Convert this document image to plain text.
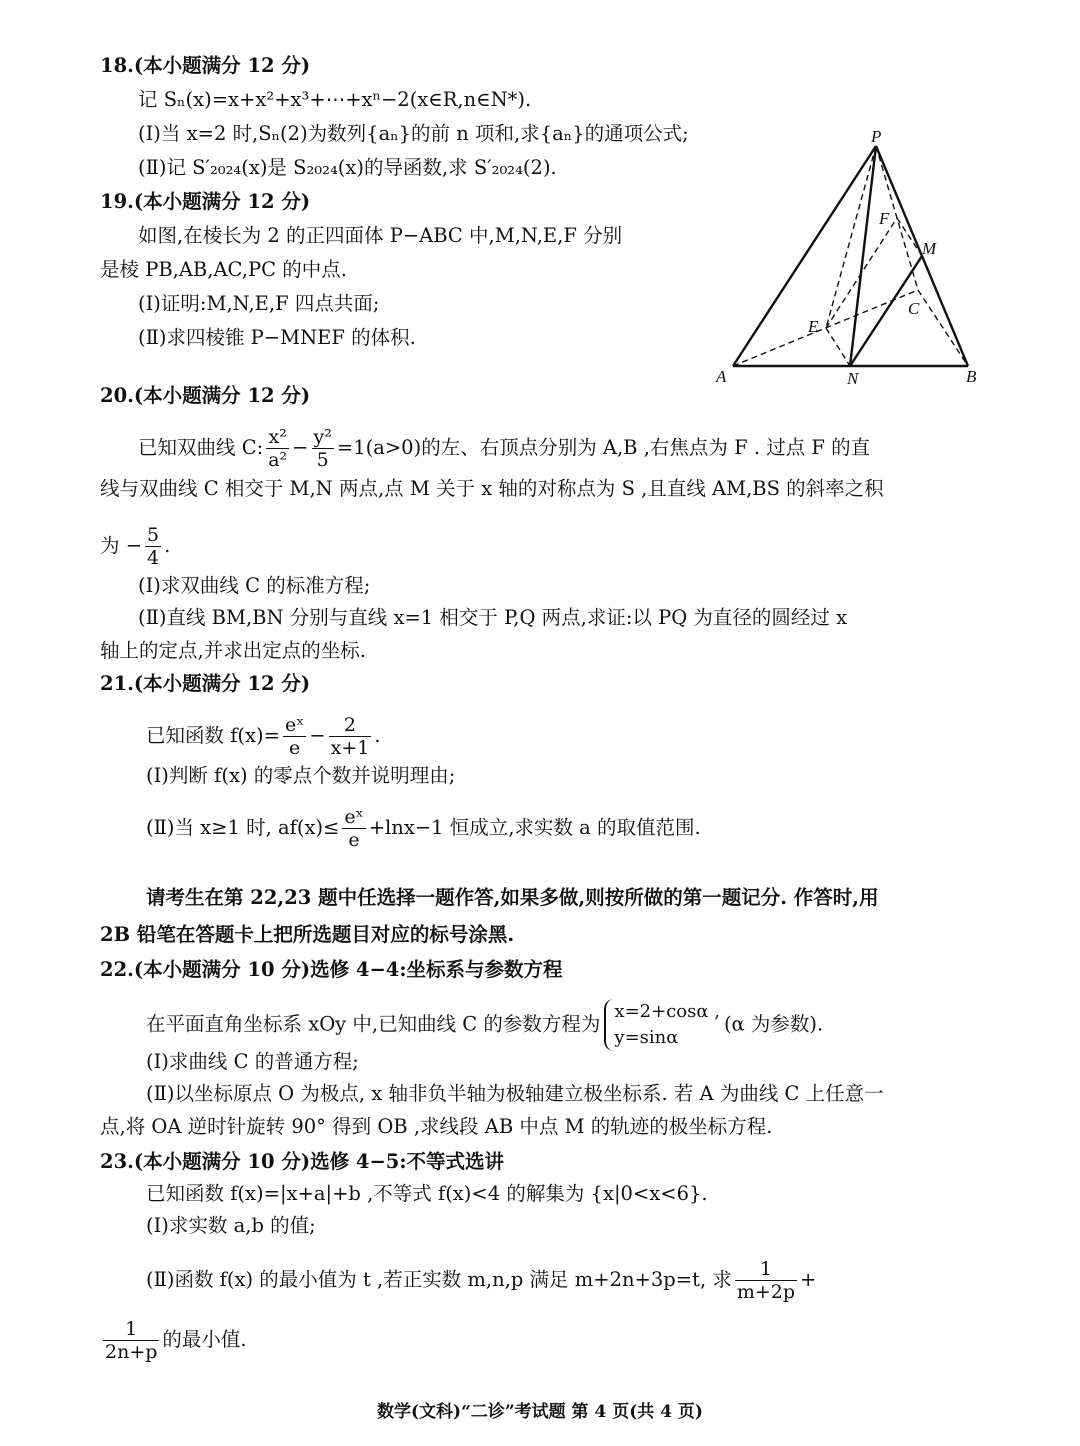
18.(本小题满分 12 分)
记 Sₙ(x)=x+x²+x³+⋯+xⁿ−2(x∈R,n∈N*).
(Ⅰ)当 x=2 时,Sₙ(2)为数列{aₙ}的前 n 项和,求{aₙ}的通项公式;
(Ⅱ)记 S′₂₀₂₄(x)是 S₂₀₂₄(x)的导函数,求 S′₂₀₂₄(2).
19.(本小题满分 12 分)
如图,在棱长为 2 的正四面体 P−ABC 中,M,N,E,F 分别
是棱 PB,AB,AC,PC 的中点.
(Ⅰ)证明:M,N,E,F 四点共面;
(Ⅱ)求四棱锥 P−MNEF 的体积.
P
A	B
C
M
N
E
F
20.(本小题满分 12 分)
已知双曲线 C: $\frac{\text{x²}}{\text{a²}} - \frac{\text{y²}}{5} =1(a>0)$的左、右顶点分别为 A,B ,右焦点为 F . 过点 F 的直
线与双曲线 C 相交于 M,N 两点,点 M 关于 x 轴的对称点为 S ,且直线 AM,BS 的斜率之积
为 − $\frac{5}{4}$ .
(Ⅰ)求双曲线 C 的标准方程;
(Ⅱ)直线 BM,BN 分别与直线 x=1 相交于 P,Q 两点,求证:以 PQ 为直径的圆经过 x
轴上的定点,并求出定点的坐标.
21.(本小题满分 12 分)
已知函数 $f(x)= \frac{\text{eˣ}}{e} - \frac{2}{x+1}$ .
(Ⅰ)判断 f(x) 的零点个数并说明理由;
(Ⅱ)当 x≥1 时, $af(x)\le \frac{\text{eˣ}}{e} +\ln x-1$ 恒成立,求实数 a 的取值范围.
请考生在第 22,23 题中任选择一题作答,如果多做,则按所做的第一题记分. 作答时,用
2B 铅笔在答题卡上把所选题目对应的标号涂黑.
22.(本小题满分 10 分)选修 4−4:坐标系与参数方程
在平面直角坐标系 xOy 中,已知曲线 C 的参数方程为
x=2+cosα ,
y=sinα
(α 为参数).
(Ⅰ)求曲线 C 的普通方程;
(Ⅱ)以坐标原点 O 为极点, x 轴非负半轴为极轴建立极坐标系. 若 A 为曲线 C 上任意一
点,将 OA 逆时针旋转 90° 得到 OB ,求线段 AB 中点 M 的轨迹的极坐标方程.
23.(本小题满分 10 分)选修 4−5:不等式选讲
已知函数 f(x)=|x+a|+b ,不等式 f(x)<4 的解集为 {x|0<x<6}.
(Ⅰ)求实数 a,b 的值;
(Ⅱ)函数 f(x) 的最小值为 t ,若正实数 m,n,p 满足 m+2n+3p=t, 求 $\frac{1}{m+2p}$ +
$\frac{1}{2n+p}$ 的最小值.
数学(文科)“二诊”考试题 第 4 页(共 4 页)
